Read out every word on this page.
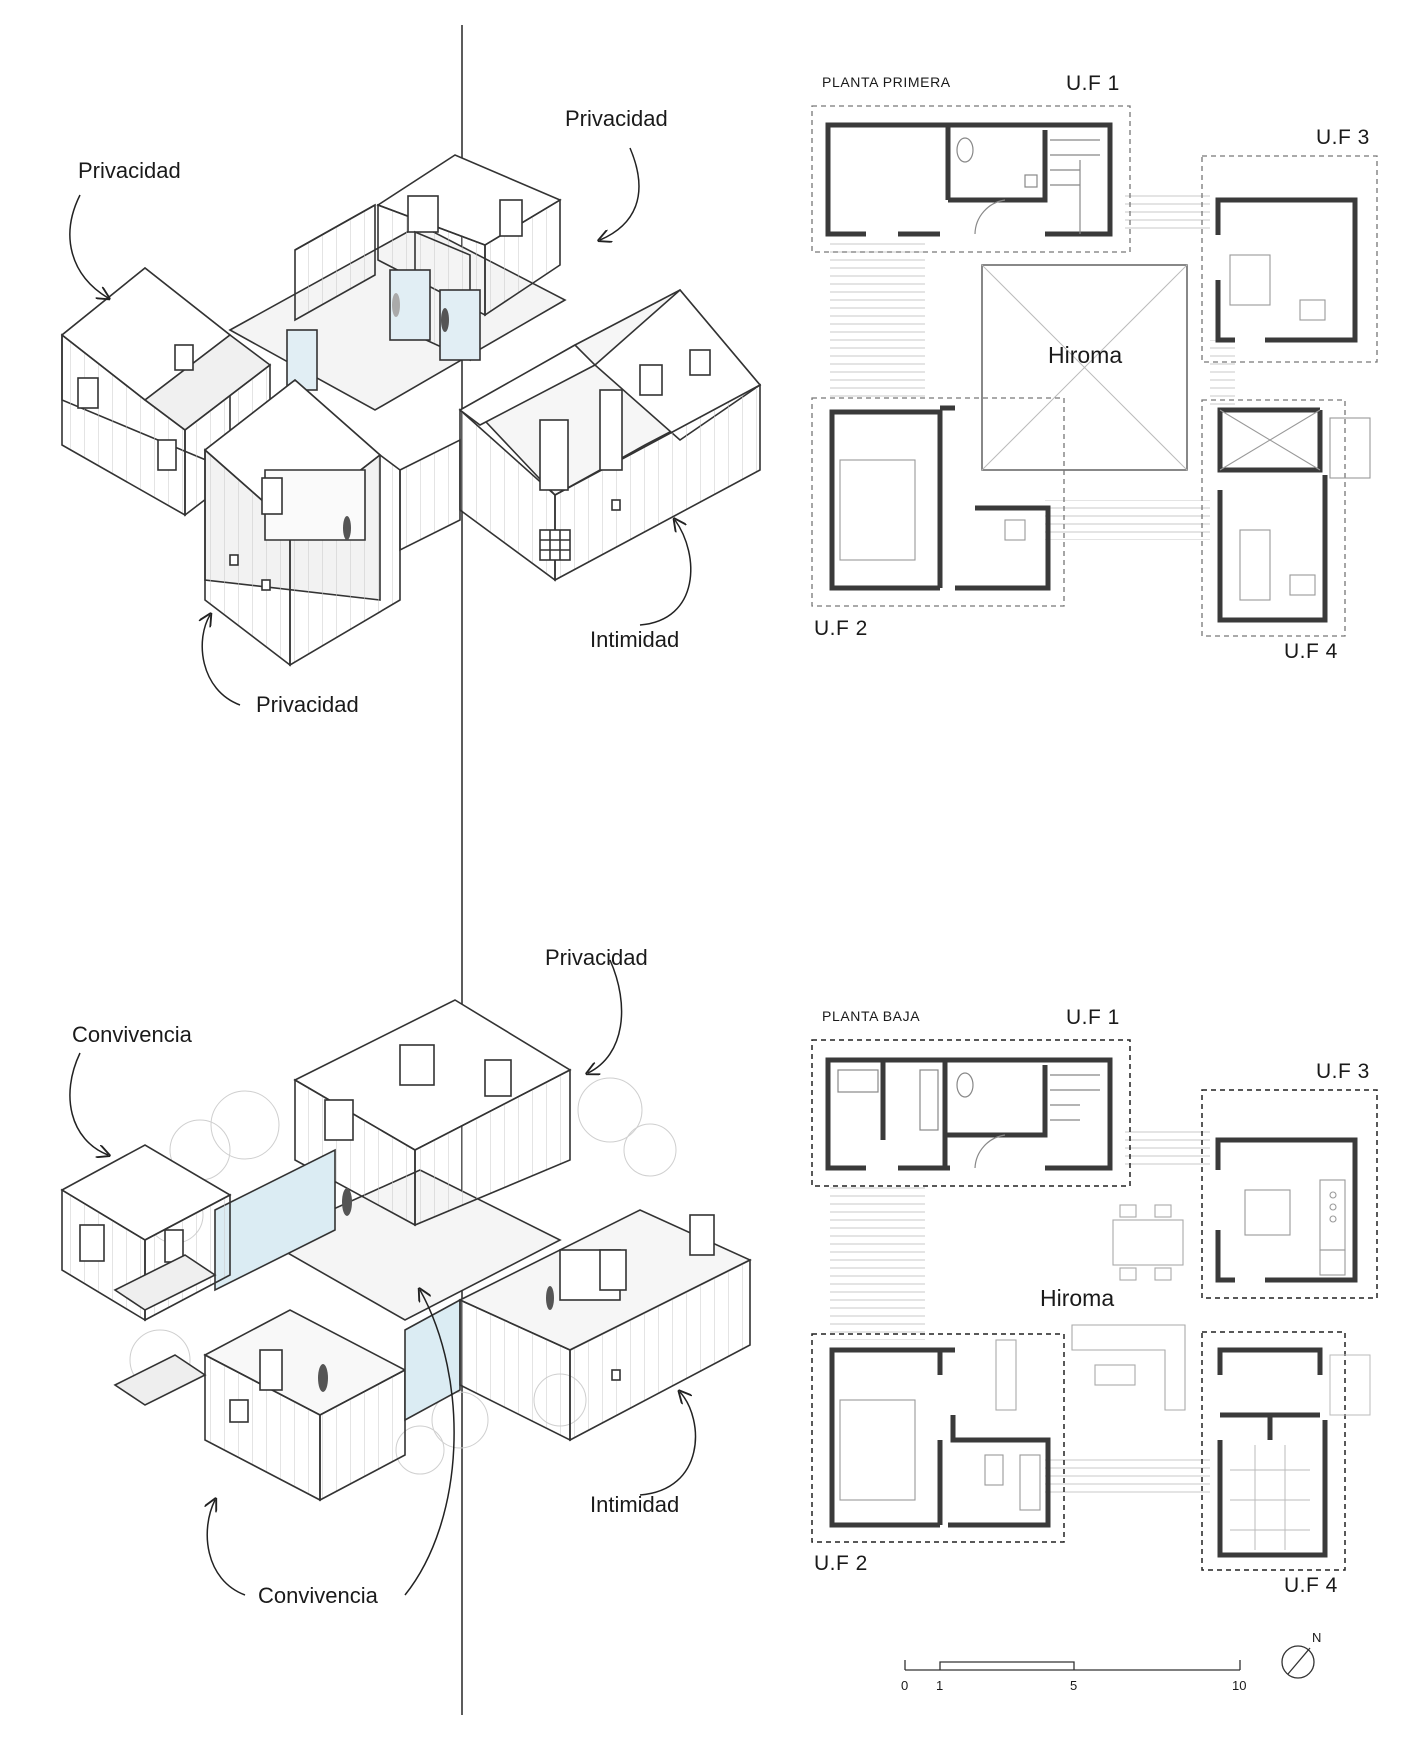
Privacidad
Privacidad
Privacidad
Intimidad
Convivencia
Privacidad
Convivencia
Intimidad
PLANTA PRIMERA	U.F 1
U.F 3
U.F 2
U.F 4
Hiroma
PLANTA BAJA	U.F 1
U.F 3
U.F 2
U.F 4
Hiroma
0 1	5	10
N
